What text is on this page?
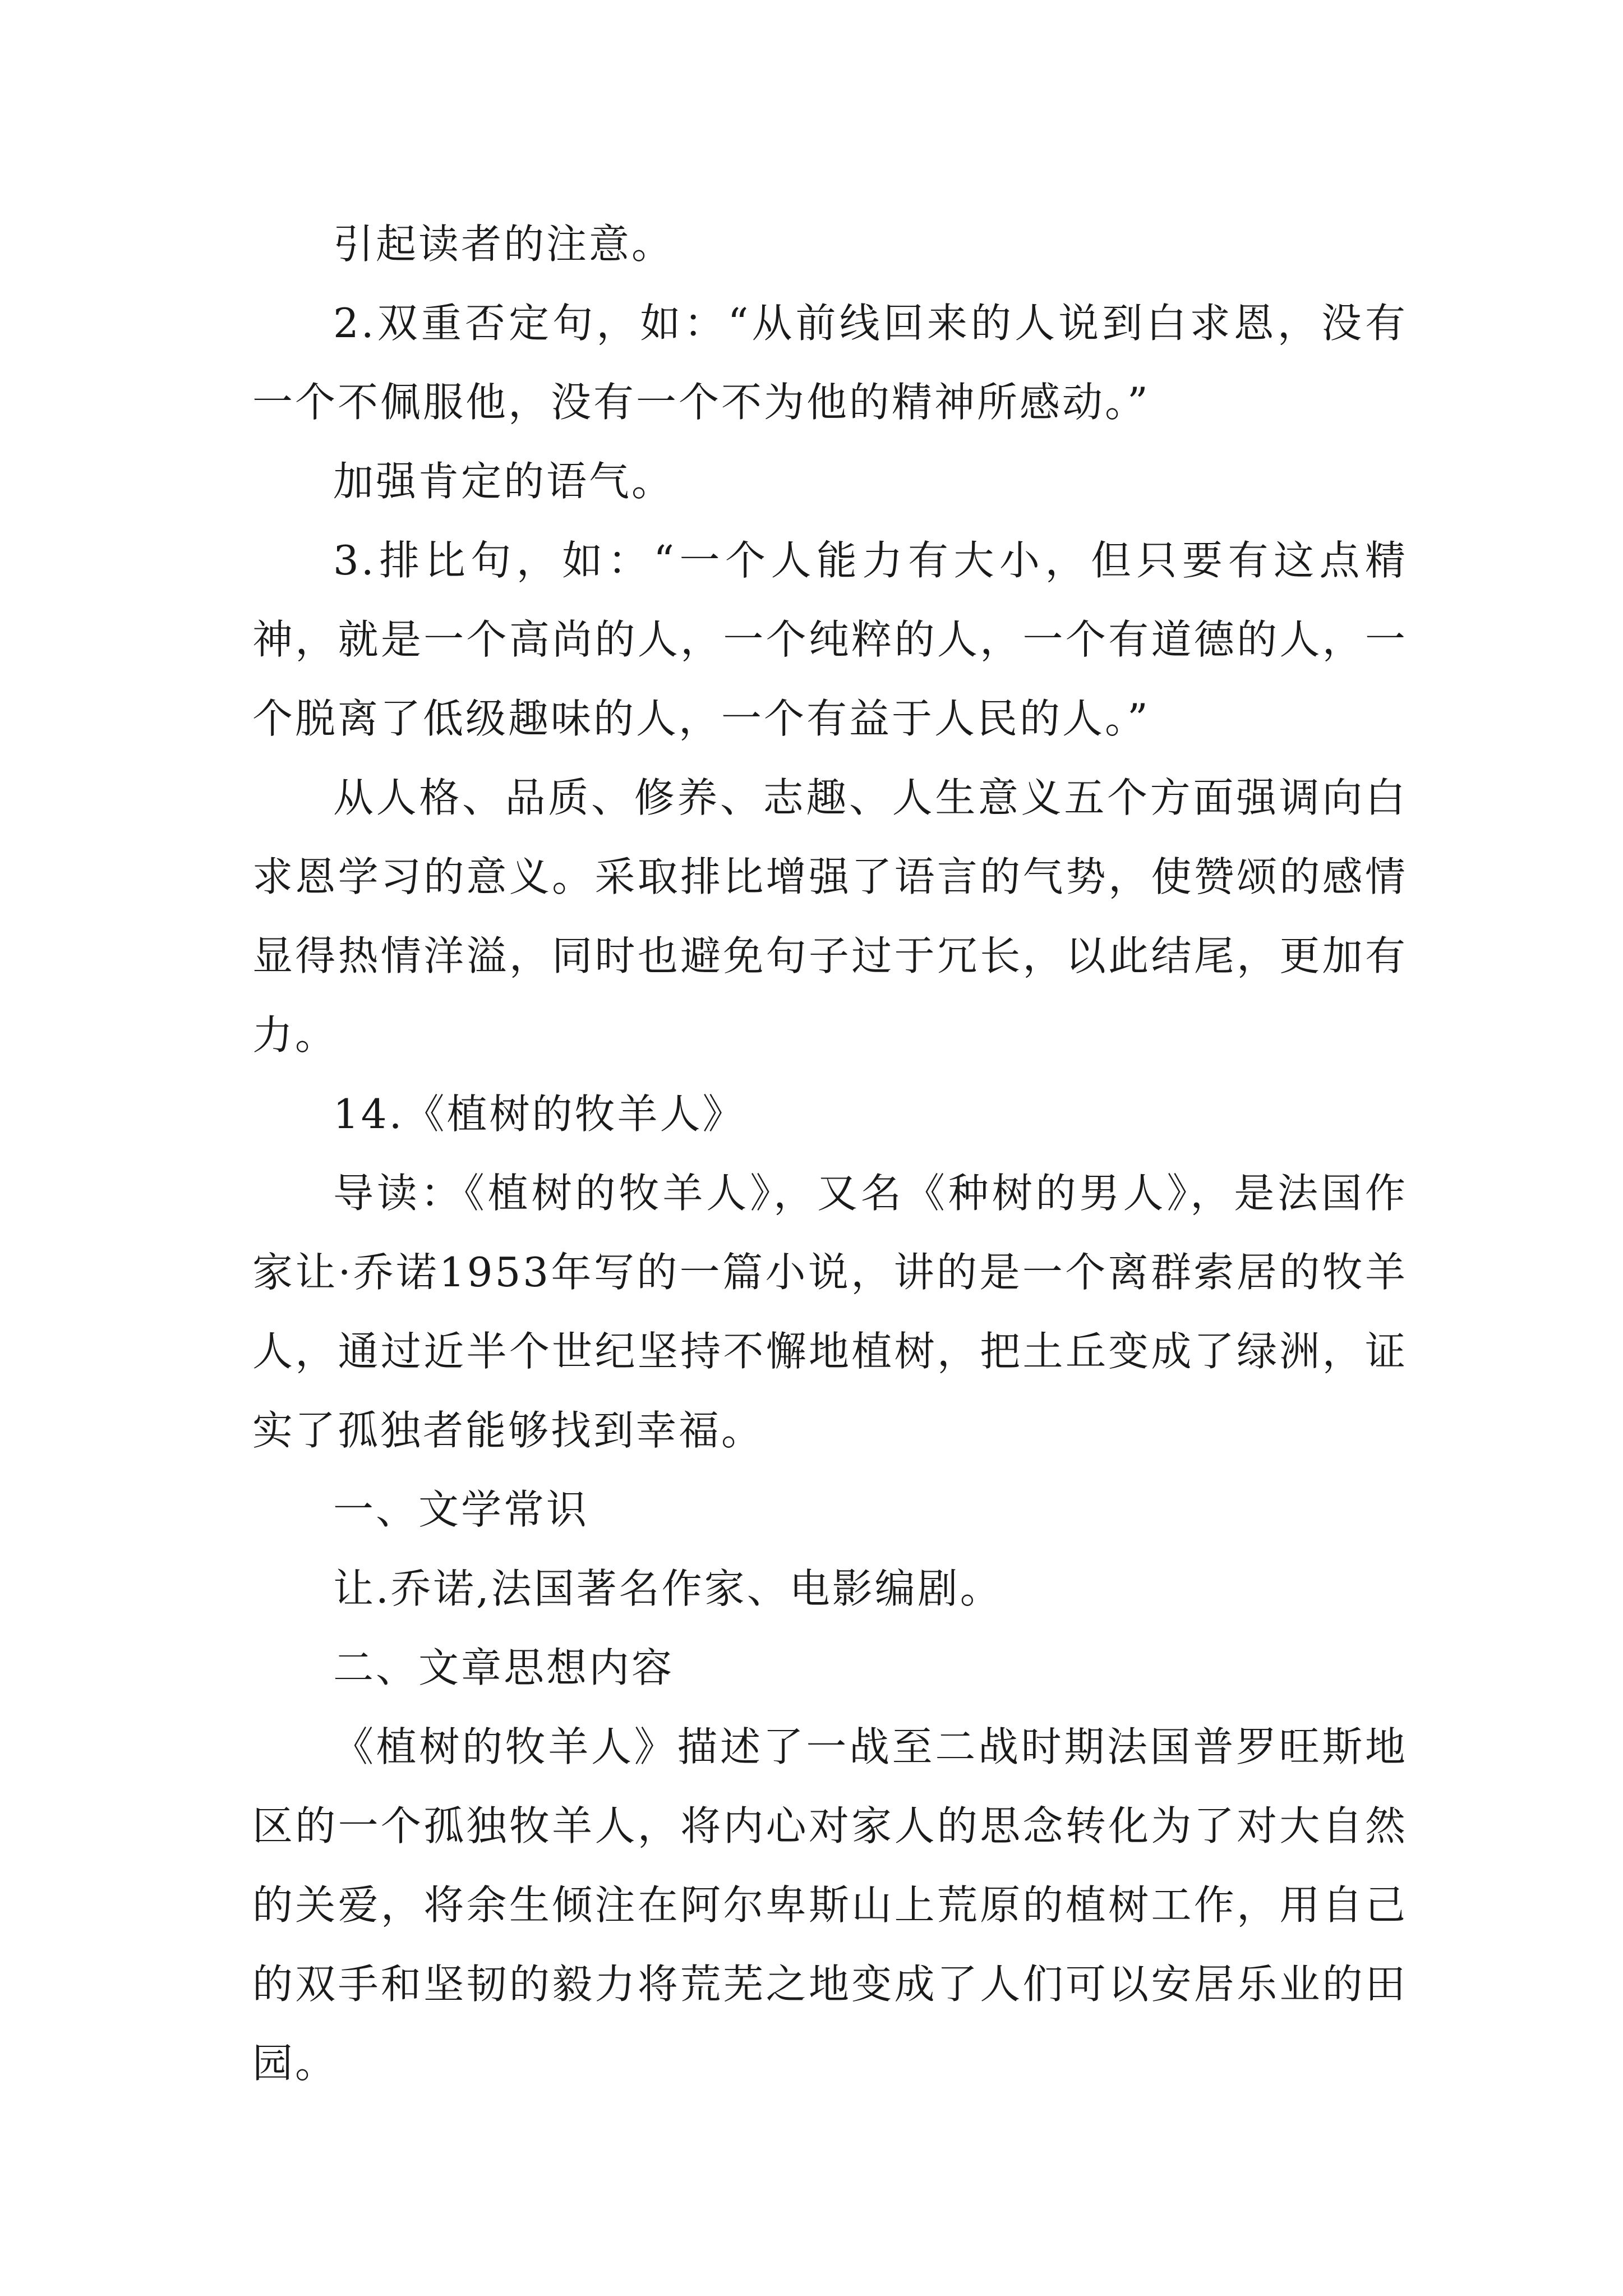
引起读者的注意。

2.双重否定句，如：“从前线回来的人说到白求恩，没有一个不佩服他，没有一个不为他的精神所感动。”

加强肯定的语气。

3.排比句，如：“一个人能力有大小，但只要有这点精神，就是一个高尚的人，一个纯粹的人，一个有道德的人，一个脱离了低级趣味的人，一个有益于人民的人。”

从人格、品质、修养、志趣、人生意义五个方面强调向白求恩学习的意义。采取排比增强了语言的气势，使赞颂的感情显得热情洋溢，同时也避免句子过于冗长，以此结尾，更加有力。

14.《植树的牧羊人》

导读：《植树的牧羊人》，又名《种树的男人》，是法国作家让·乔诺1953年写的一篇小说，讲的是一个离群索居的牧羊人，通过近半个世纪坚持不懈地植树，把土丘变成了绿洲，证实了孤独者能够找到幸福。

一、文学常识

让.乔诺,法国著名作家、电影编剧。

二、文章思想内容

《植树的牧羊人》描述了一战至二战时期法国普罗旺斯地区的一个孤独牧羊人，将内心对家人的思念转化为了对大自然的关爱，将余生倾注在阿尔卑斯山上荒原的植树工作，用自己的双手和坚韧的毅力将荒芜之地变成了人们可以安居乐业的田园。
